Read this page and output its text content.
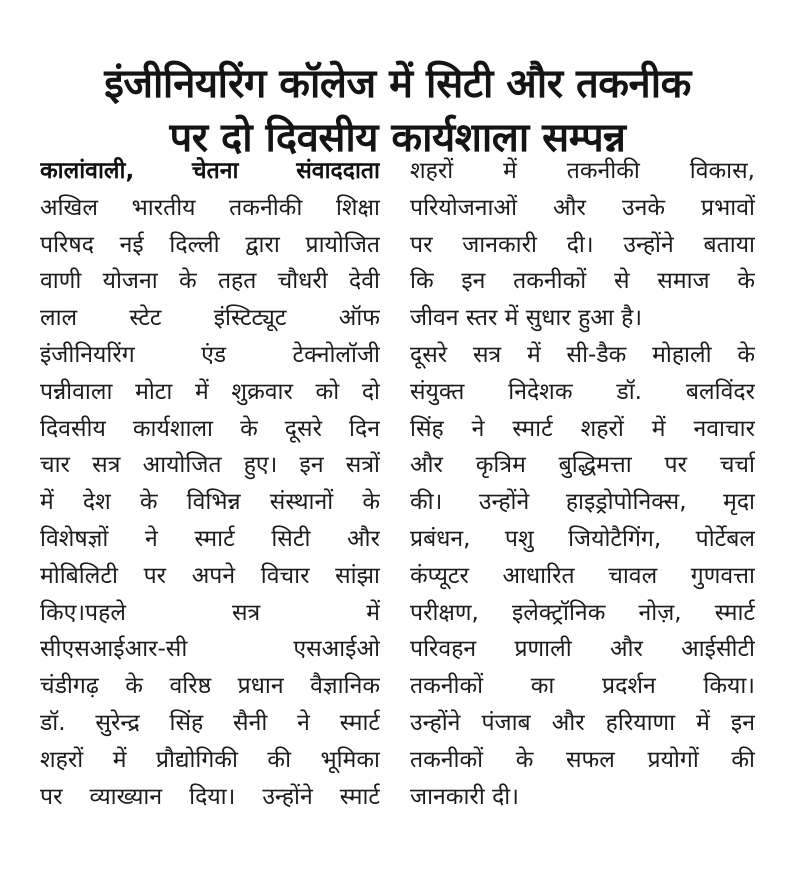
इंजीनियरिंग कॉलेज में सिटी और तकनीक
पर दो दिवसीय कार्यशाला सम्पन्न
कालांवाली, चेतना संवाददाता
अखिल भारतीय तकनीकी शिक्षा
परिषद नई दिल्ली द्वारा प्रायोजित
वाणी योजना के तहत चौधरी देवी
लाल स्टेट इंस्टिट्यूट ऑफ
इंजीनियरिंग एंड टेक्नोलॉजी
पन्नीवाला मोटा में शुक्रवार को दो
दिवसीय कार्यशाला के दूसरे दिन
चार सत्र आयोजित हुए। इन सत्रों
में देश के विभिन्न संस्थानों के
विशेषज्ञों ने स्मार्ट सिटी और
मोबिलिटी पर अपने विचार सांझा
किए।पहले सत्र में
सीएसआईआर-सी एसआईओ
चंडीगढ़ के वरिष्ठ प्रधान वैज्ञानिक
डॉ. सुरेन्द्र सिंह सैनी ने स्मार्ट
शहरों में प्रौद्योगिकी की भूमिका
पर व्याख्यान दिया। उन्होंने स्मार्ट
शहरों में तकनीकी विकास,
परियोजनाओं और उनके प्रभावों
पर जानकारी दी। उन्होंने बताया
कि इन तकनीकों से समाज के
जीवन स्तर में सुधार हुआ है।
दूसरे सत्र में सी-डैक मोहाली के
संयुक्त निदेशक डॉ. बलविंदर
सिंह ने स्मार्ट शहरों में नवाचार
और कृत्रिम बुद्धिमत्ता पर चर्चा
की। उन्होंने हाइड्रोपोनिक्स, मृदा
प्रबंधन, पशु जियोटैगिंग, पोर्टेबल
कंप्यूटर आधारित चावल गुणवत्ता
परीक्षण, इलेक्ट्रॉनिक नोज़, स्मार्ट
परिवहन प्रणाली और आईसीटी
तकनीकों का प्रदर्शन किया।
उन्होंने पंजाब और हरियाणा में इन
तकनीकों के सफल प्रयोगों की
जानकारी दी।
